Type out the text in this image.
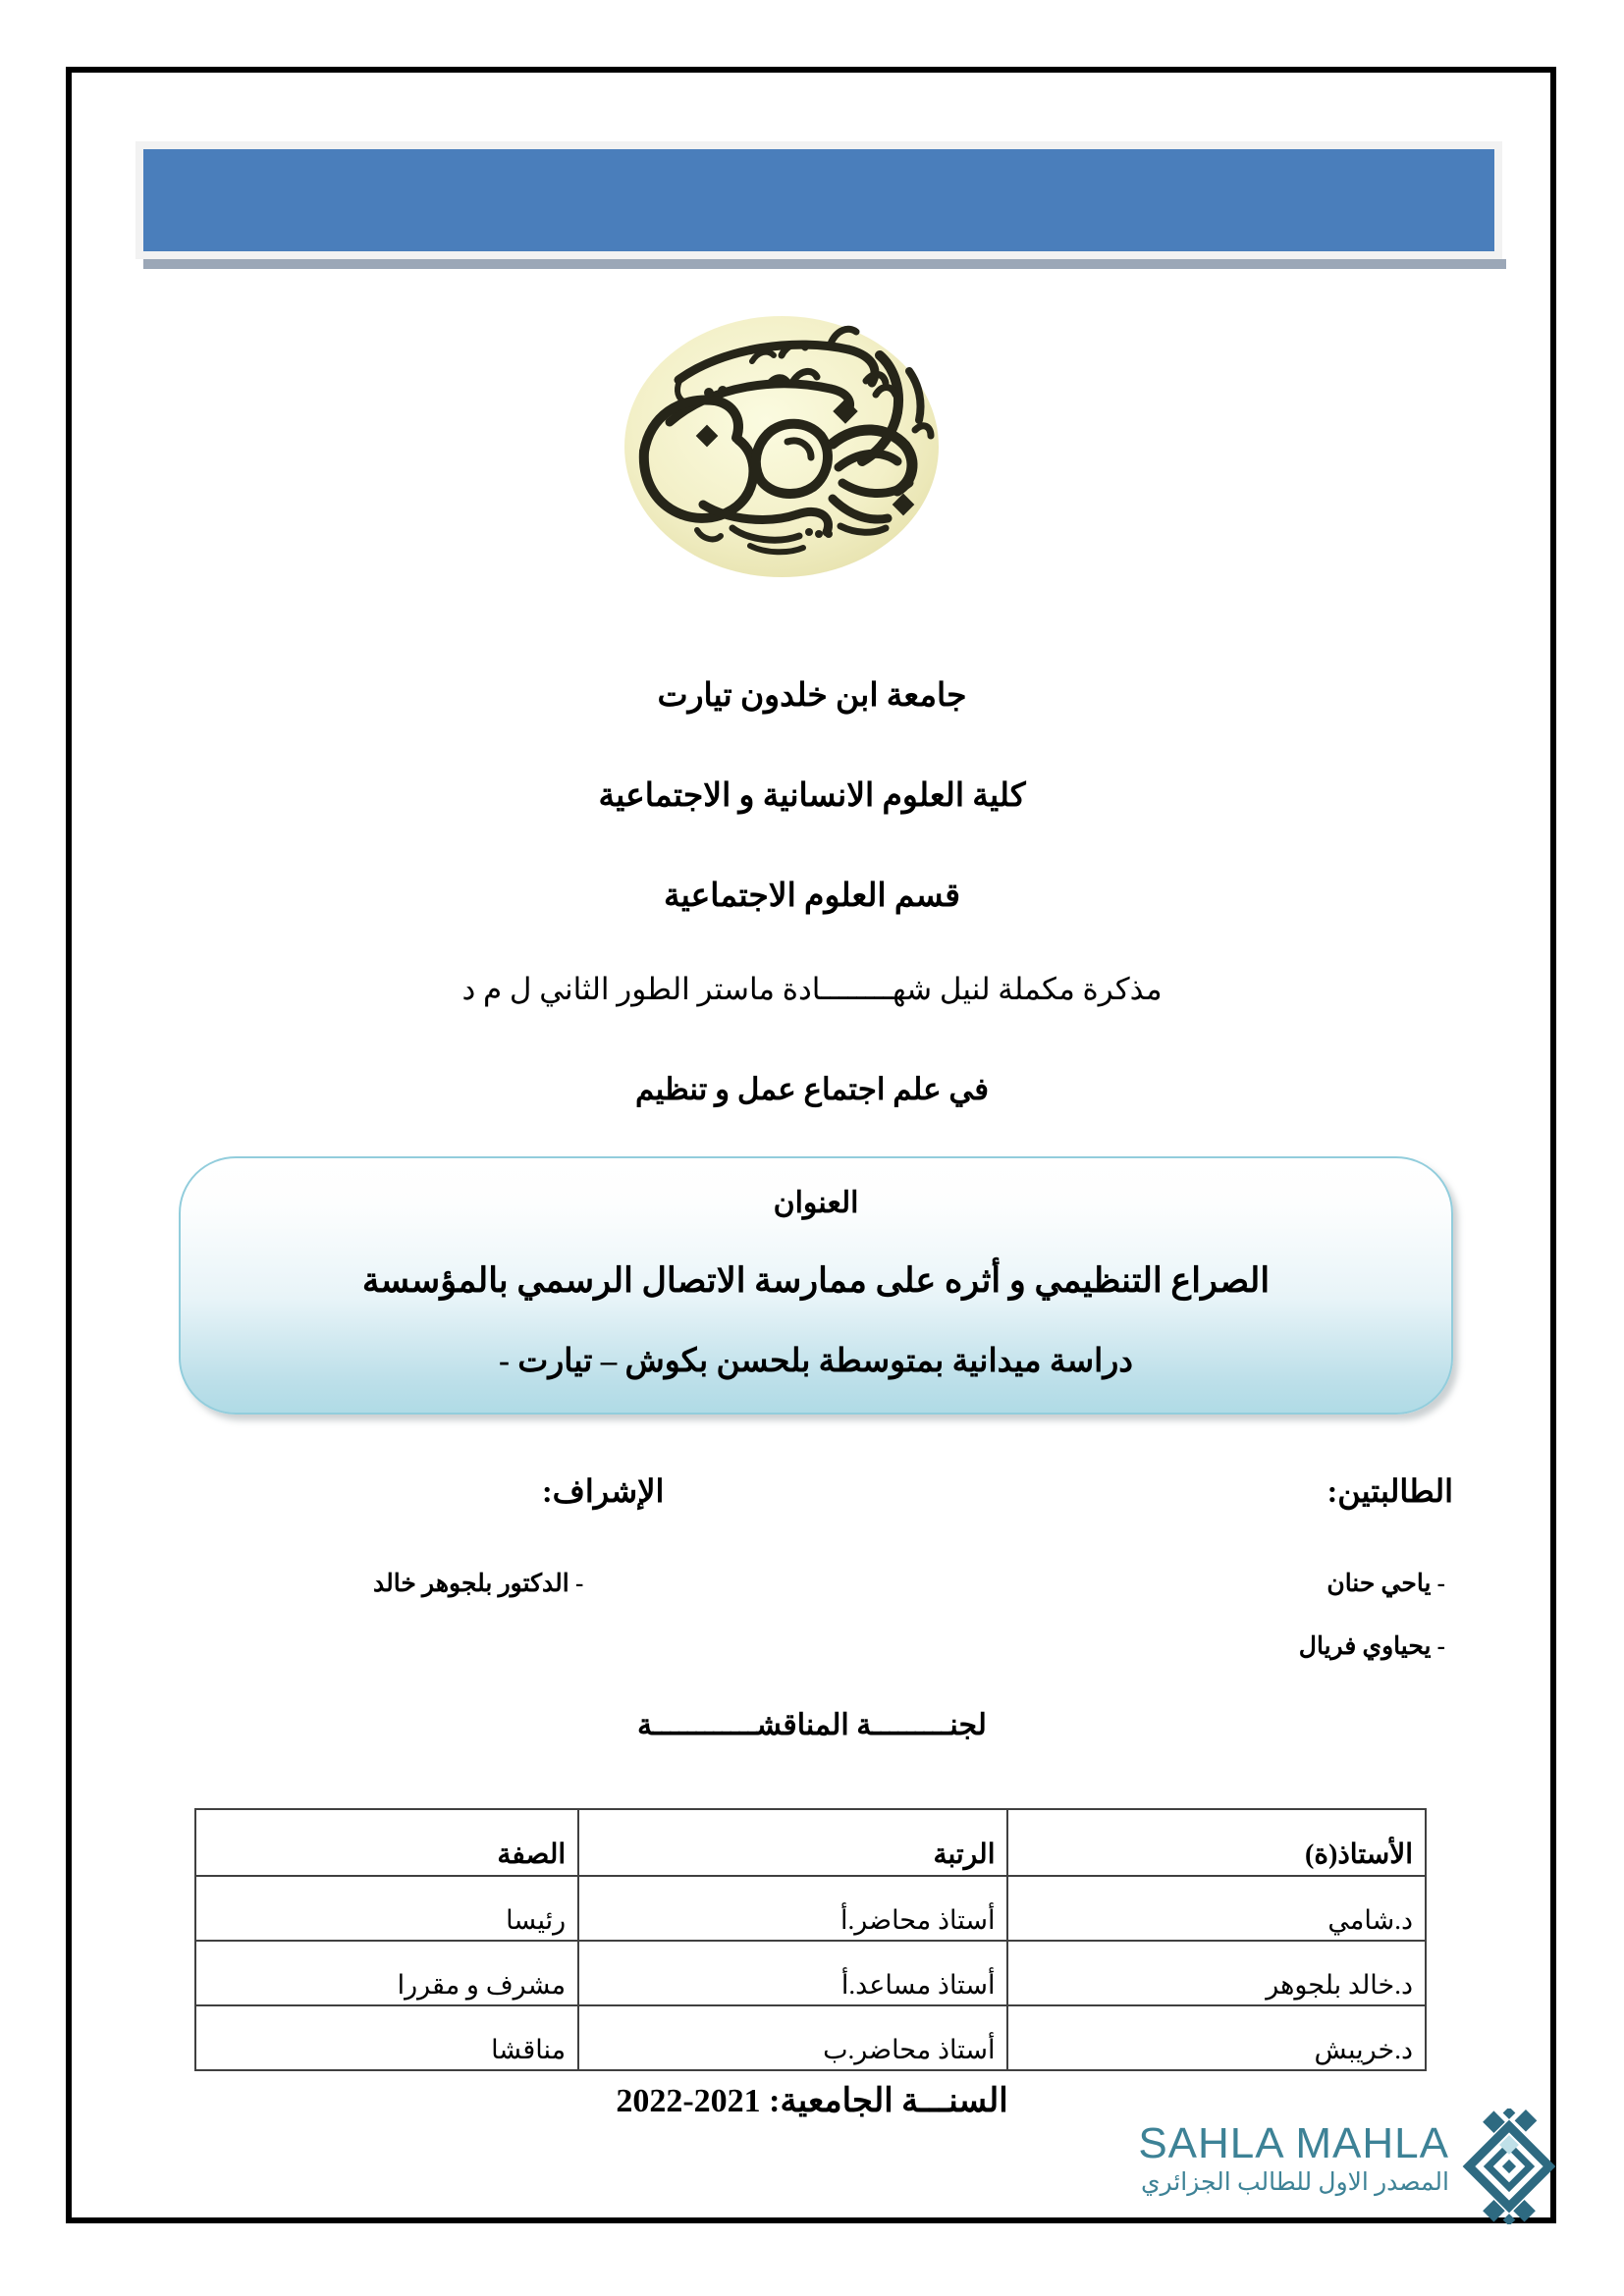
جامعة ابن خلدون تيارت
كلية العلوم الانسانية و الاجتماعية
قسم العلوم الاجتماعية
مذكرة مكملة لنيل شهــــــــادة ماستر الطور الثاني ل م د
في علم اجتماع عمل و تنظيم
العنوان
الصراع التنظيمي و أثره على ممارسة الاتصال الرسمي بالمؤسسة
دراسة ميدانية بمتوسطة بلحسن بكوش – تيارت -
الطالبتين:
الإشراف:
- ياحي حنان
- يحياوي فريال
- الدكتور بلجوهر خالد
لجنـــــــــة المناقشــــــــــــة
الأستاذ(ة)	الرتبة	الصفة
د.شامي	أستاذ محاضر.أ	رئيسا
د.خالد بلجوهر	أستاذ مساعد.أ	مشرف و مقررا
د.خريبش	أستاذ محاضر.ب	مناقشا
السنـــة الجامعية: 2021-2022
SAHLA MAHLA
المصدر الاول للطالب الجزائري
